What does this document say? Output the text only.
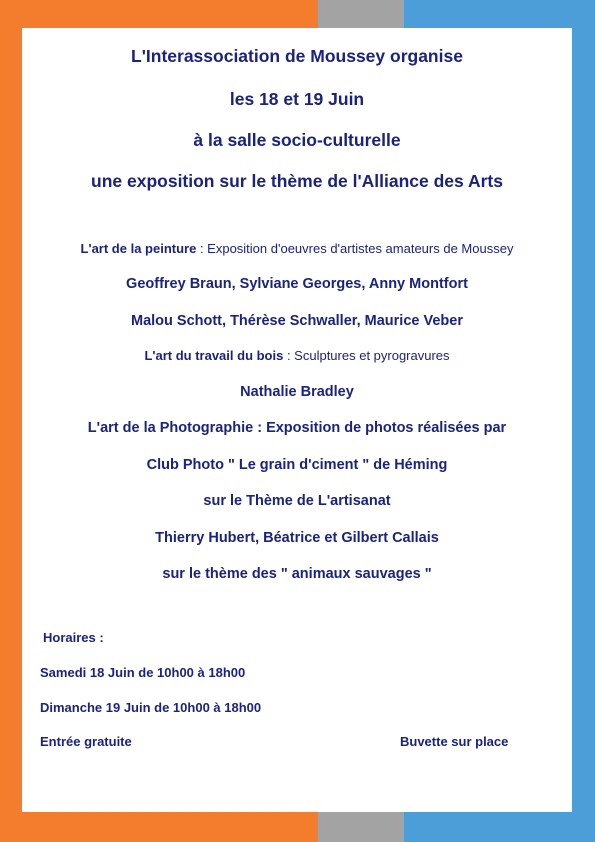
L'Interassociation de Moussey organise

les 18 et 19 Juin

à la salle socio-culturelle

une exposition sur le thème de l'Alliance des Arts

L'art de la peinture : Exposition d'oeuvres d'artistes amateurs de Moussey

Geoffrey Braun, Sylviane Georges, Anny Montfort

Malou Schott, Thérèse Schwaller, Maurice Veber

L'art du travail du bois : Sculptures et pyrogravures

Nathalie Bradley

L'art de la Photographie : Exposition de photos réalisées par

Club Photo " Le grain d'ciment " de Héming

sur le Thème de L'artisanat

Thierry Hubert, Béatrice et Gilbert Callais

sur le thème des " animaux sauvages "

Horaires :

Samedi 18 Juin de 10h00 à 18h00

Dimanche 19 Juin de 10h00 à 18h00

Entrée gratuite	Buvette sur place
